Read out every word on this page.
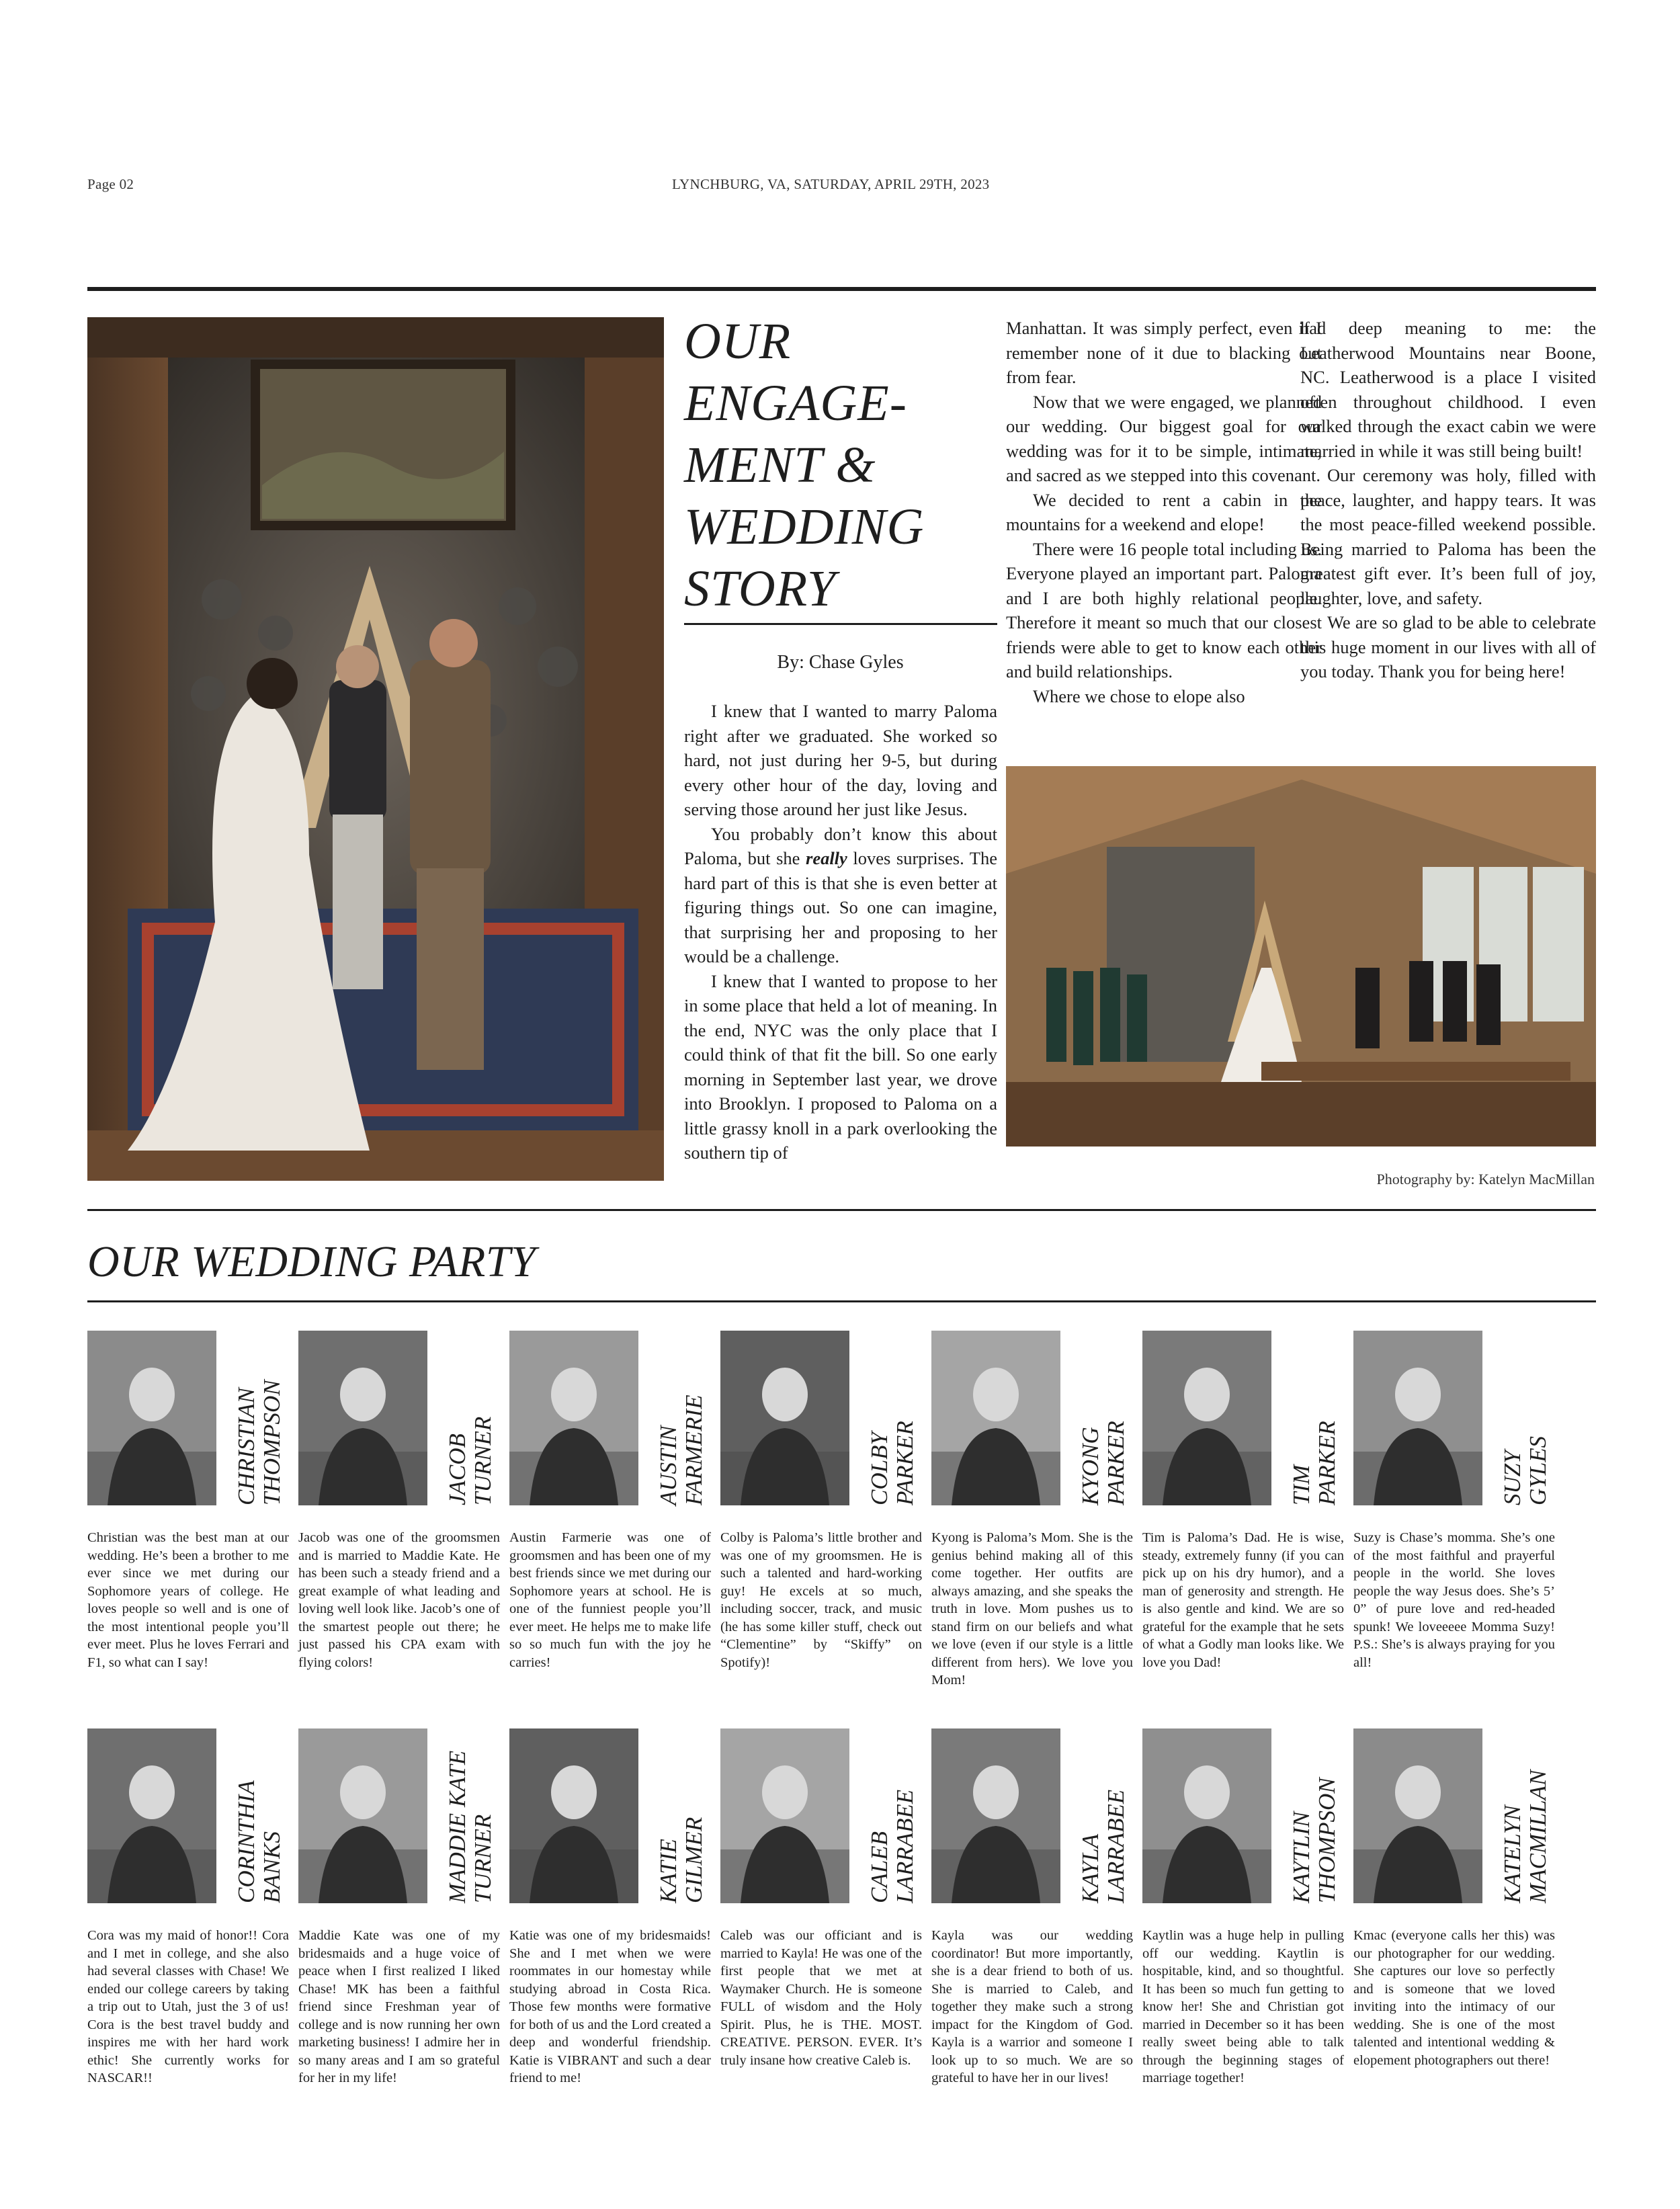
Page 02	LYNCHBURG, VA, SATURDAY, APRIL 29TH, 2023
OUR ENGAGE-MENT & WEDDING STORY
By: Chase Gyles

I knew that I wanted to marry Paloma right after we graduated. She worked so hard, not just during her 9-5, but during every other hour of the day, loving and serving those around her just like Jesus.

You probably don’t know this about Paloma, but she really loves surprises. The hard part of this is that she is even better at figuring things out. So one can imagine, that surprising her and proposing to her would be a challenge.

I knew that I wanted to propose to her in some place that held a lot of meaning. In the end, NYC was the only place that I could think of that fit the bill. So one early morning in September last year, we drove into Brooklyn. I proposed to Paloma on a little grassy knoll in a park overlooking the southern tip of

Manhattan. It was simply perfect, even if I remember none of it due to blacking out from fear.

Now that we were engaged, we planned our wedding. Our biggest goal for our wedding was for it to be simple, intimate, and sacred as we stepped into this covenant.

We decided to rent a cabin in the mountains for a weekend and elope!

There were 16 people total including us. Everyone played an important part. Paloma and I are both highly relational people. Therefore it meant so much that our closest friends were able to get to know each other and build relationships.

Where we chose to elope also

had deep meaning to me: the Leatherwood Mountains near Boone, NC. Leatherwood is a place I visited often throughout childhood. I even walked through the exact cabin we were married in while it was still being built!

Our ceremony was holy, filled with peace, laughter, and happy tears. It was the most peace-filled weekend possible. Being married to Paloma has been the greatest gift ever. It’s been full of joy, laughter, love, and safety.

We are so glad to be able to celebrate this huge moment in our lives with all of you today. Thank you for being here!

Photography by: Katelyn MacMillan
OUR WEDDING PARTY
CHRISTIAN
THOMPSON
Christian was the best man at our wedding. He’s been a brother to me ever since we met during our Sophomore years of college. He loves people so well and is one of the most intentional people you’ll ever meet. Plus he loves Ferrari and F1, so what can I say!
JACOB
TURNER
Jacob was one of the groomsmen and is married to Maddie Kate. He has been such a steady friend and a great example of what leading and loving well look like. Jacob’s one of the smartest people out there; he just passed his CPA exam with flying colors!
AUSTIN
FARMERIE
Austin Farmerie was one of groomsmen and has been one of my best friends since we met during our Sophomore years at school. He is one of the funniest people you’ll ever meet. He helps me to make life so so much fun with the joy he carries!
COLBY
PARKER
Colby is Paloma’s little brother and was one of my groomsmen. He is such a talented and hard-working guy! He excels at so much, including soccer, track, and music (he has some killer stuff, check out “Clementine” by “Skiffy” on Spotify)!
KYONG
PARKER
Kyong is Paloma’s Mom. She is the genius behind making all of this come together. Her outfits are always amazing, and she speaks the truth in love. Mom pushes us to stand firm on our beliefs and what we love (even if our style is a little different from hers). We love you Mom!
TIM
PARKER
Tim is Paloma’s Dad. He is wise, steady, extremely funny (if you can pick up on his dry humor), and a man of generosity and strength. He is also gentle and kind. We are so grateful for the example that he sets of what a Godly man looks like. We love you Dad!
SUZY
GYLES
Suzy is Chase’s momma. She’s one of the most faithful and prayerful people in the world. She loves people the way Jesus does. She’s 5’ 0” of pure love and red-headed spunk! We loveeeee Momma Suzy! P.S.: She’s is always praying for you all!
CORINTHIA
BANKS
Cora was my maid of honor!! Cora and I met in college, and she also had several classes with Chase! We ended our college careers by taking a trip out to Utah, just the 3 of us! Cora is the best travel buddy and inspires me with her hard work ethic! She currently works for NASCAR!!
MADDIE KATE
TURNER
Maddie Kate was one of my bridesmaids and a huge voice of peace when I first realized I liked Chase! MK has been a faithful friend since Freshman year of college and is now running her own marketing business! I admire her in so many areas and I am so grateful for her in my life!
KATIE
GILMER
Katie was one of my bridesmaids! She and I met when we were roommates in our homestay while studying abroad in Costa Rica. Those few months were formative for both of us and the Lord created a deep and wonderful friendship. Katie is VIBRANT and such a dear friend to me!
CALEB
LARRABEE
Caleb was our officiant and is married to Kayla! He was one of the first people that we met at Waymaker Church. He is someone FULL of wisdom and the Holy Spirit. Plus, he is THE. MOST. CREATIVE. PERSON. EVER. It’s truly insane how creative Caleb is.
KAYLA
LARRABEE
Kayla was our wedding coordinator! But more importantly, she is a dear friend to both of us. She is married to Caleb, and together they make such a strong impact for the Kingdom of God. Kayla is a warrior and someone I look up to so much. We are so grateful to have her in our lives!
KAYTLIN
THOMPSON
Kaytlin was a huge help in pulling off our wedding. Kaytlin is hospitable, kind, and so thoughtful. It has been so much fun getting to know her! She and Christian got married in December so it has been really sweet being able to talk through the beginning stages of marriage together!
KATELYN
MACMILLAN
Kmac (everyone calls her this) was our photographer for our wedding. She captures our love so perfectly and is someone that we loved inviting into the intimacy of our wedding. She is one of the most talented and intentional wedding & elopement photographers out there!
